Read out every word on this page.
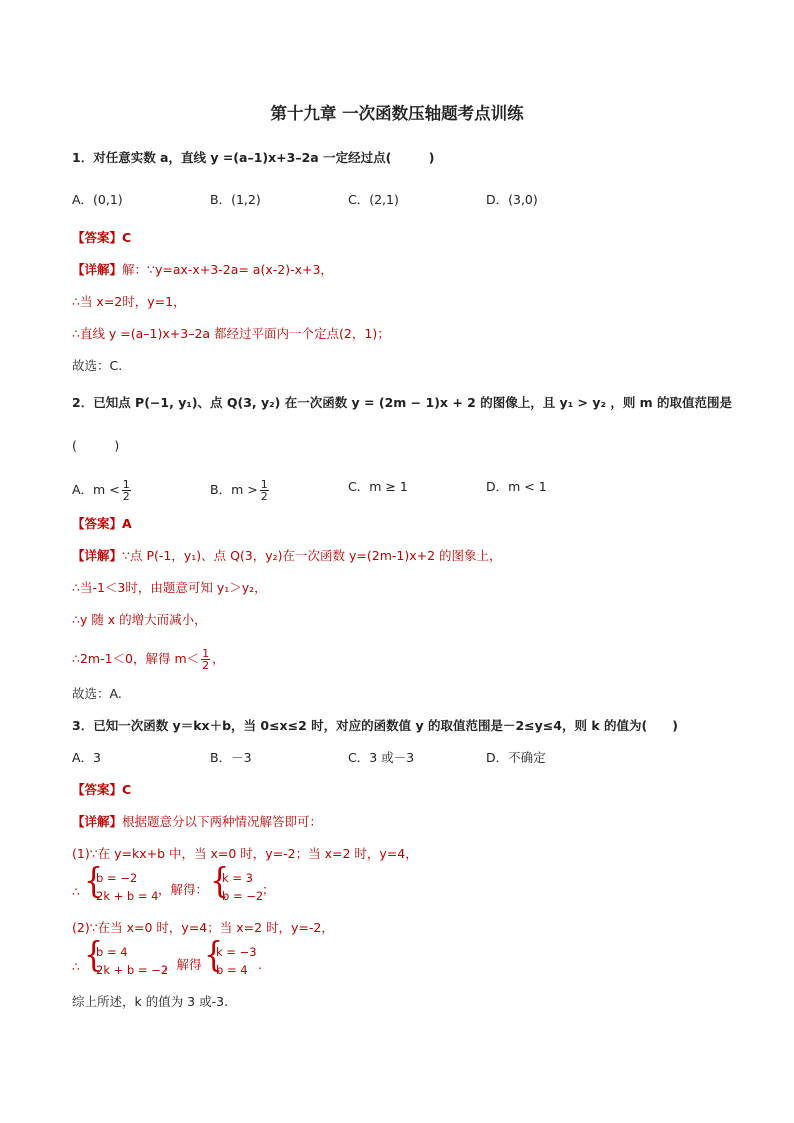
第十九章 一次函数压轴题考点训练
1．对任意实数 a，直线 y =(a–1)x+3–2a 一定经过点(　　　)
A．(0,1)	B．(1,2)	C．(2,1)	D．(3,0)
【答案】C
【详解】解：∵y=ax-x+3-2a= a(x-2)-x+3，
∴当 x=2时，y=1，
∴直线 y =(a–1)x+3–2a 都经过平面内一个定点(2，1)；
故选：C.
2．已知点 P(−1, y₁)、点 Q(3, y₂) 在一次函数 y = (2m − 1)x + 2 的图像上，且 y₁ > y₂ ，则 m 的取值范围是
(　　　)
A．$m < \frac{1}{2}$	B．$m > \frac{1}{2}$	C．m ≥ 1	D．m < 1
【答案】A
【详解】∵点 P(-1，y₁)、点 Q(3，y₂)在一次函数 y=(2m-1)x+2 的图象上，
∴当-1＜3时，由题意可知 y₁＞y₂，
∴y 随 x 的增大而减小，
∴2m-1＜0，解得 $m< \frac{1}{2}$ ，
故选：A.
3．已知一次函数 y＝kx＋b，当 0≤x≤2 时，对应的函数值 y 的取值范围是－2≤y≤4，则 k 的值为(　　)
A．3	B．－3	C．3 或－3	D．不确定
【答案】C
【详解】根据题意分以下两种情况解答即可：
(1)∵在 y=kx+b 中，当 x=0 时，y=-2；当 x=2 时，y=4，
∴ {
b = −2
2k + b = 4 ，解得： {
k = 3
b = −2
；
(2)∵在当 x=0 时，y=4；当 x=2 时，y=-2，
∴ {
b = 4
2k + b = −2
，解得 {
k = −3
b = 4 .
综上所述，k 的值为 3 或-3.
